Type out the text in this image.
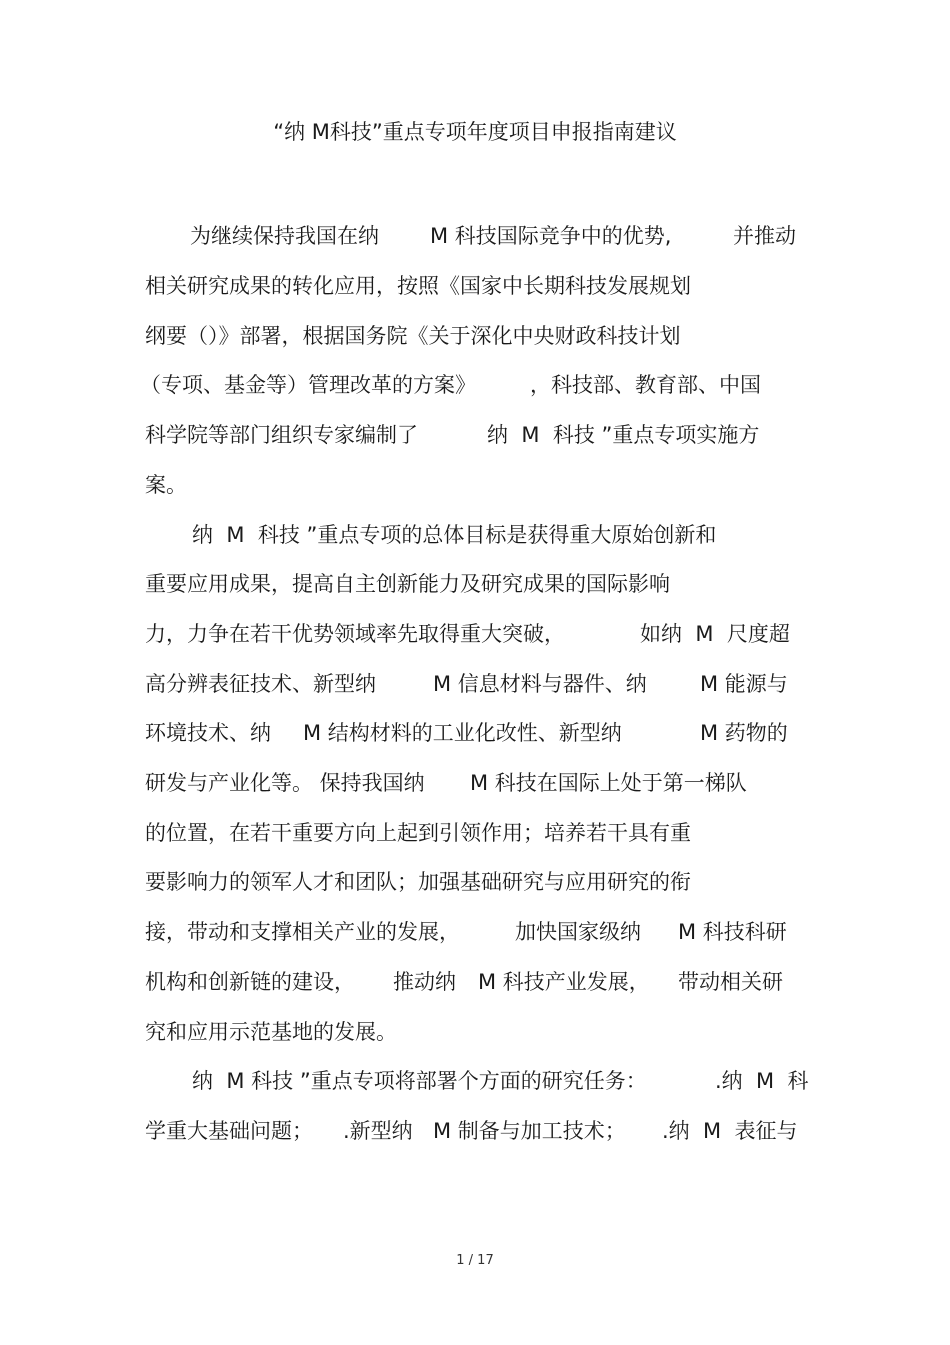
“纳 M科技”重点专项年度项目申报指南建议

为继续保持我国在纳

M 科技国际竞争中的优势,

	并推动

相关研究成果的转化应用，按照《国家中长期科技发展规划

纲要（）》部署，根据国务院《关于深化中央财政科技计划

（专项、基金等）管理改革的方案》

	，科技部、教育部、中国

科学院等部门组织专家编制了

	纳  M  科技 ”重点专项实施方

案。

纳  M  科技 ”重点专项的总体目标是获得重大原始创新和

重要应用成果，提高自主创新能力及研究成果的国际影响

力，力争在若干优势领域率先取得重大突破，

	如纳  M  尺度超

高分辨表征技术、新型纳

	M 信息材料与器件、纳

	M 能源与

环境技术、纳

M 结构材料的工业化改性、新型纳

	M 药物的

研发与产业化等。 保持我国纳

M 科技在国际上处于第一梯队

的位置，在若干重要方向上起到引领作用；培养若干具有重

要影响力的领军人才和团队；加强基础研究与应用研究的衔

接，带动和支撑相关产业的发展，

	加快国家级纳

M 科技科研

机构和创新链的建设，

推动纳

M 科技产业发展，

带动相关研

究和应用示范基地的发展。

纳  M 科技 ”重点专项将部署个方面的研究任务：

	.纳  M  科

学重大基础问题；

.新型纳

M 制备与加工技术；

.纳  M  表征与

1 / 17
